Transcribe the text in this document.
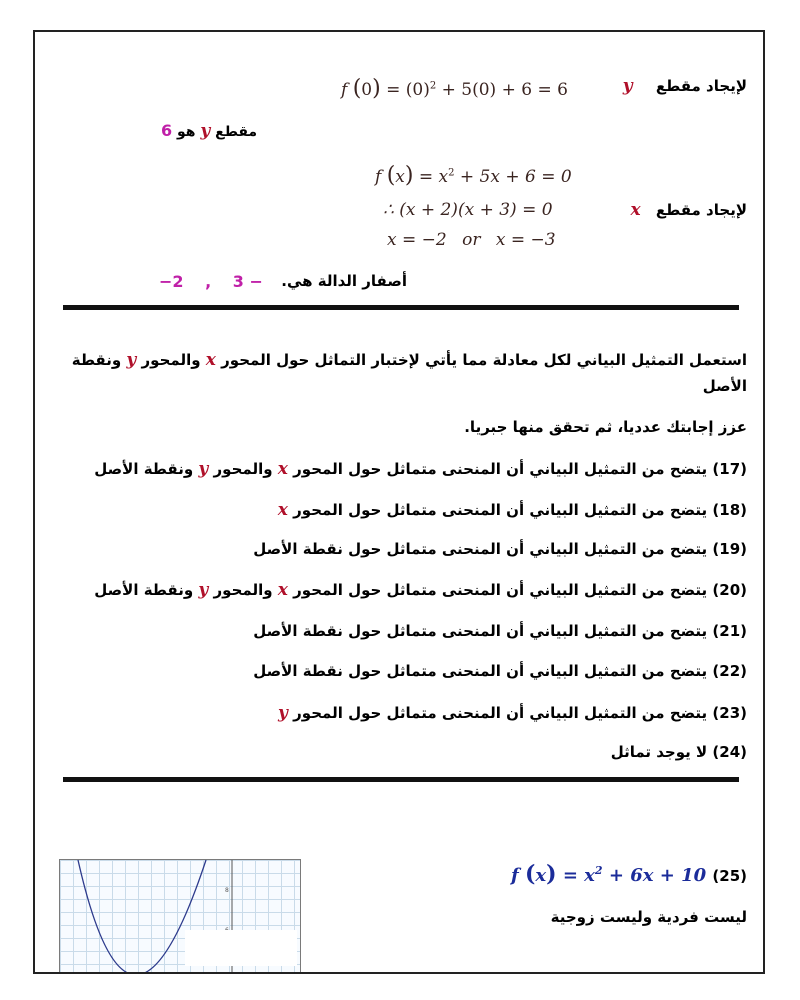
لإيجاد مقطع y
f $(0) = (0)^2 + 5(0) + 6 = 6$
مقطع y هو 6
f $(x) = x^2 + 5x + 6 = 0$
لإيجاد مقطع x
∴ (x + 2)(x + 3) = 0
x = −2 or x = −3
أصفار الدالة هي.
−2 , 3 −
استعمل التمثيل البياني لكل معادلة مما يأتي لإختبار التماثل حول المحور x والمحور y ونقطة
الأصل
عزز إجابتك عدديا، ثم تحقق منها جبريا.
(17) يتضح من التمثيل البياني أن المنحنى متماثل حول المحور x والمحور y ونقطة الأصل
(18) يتضح من التمثيل البياني أن المنحنى متماثل حول المحور x
(19) يتضح من التمثيل البياني أن المنحنى متماثل حول نقطة الأصل
(20) يتضح من التمثيل البياني أن المنحنى متماثل حول المحور x والمحور y ونقطة الأصل
(21) يتضح من التمثيل البياني أن المنحنى متماثل حول نقطة الأصل
(22) يتضح من التمثيل البياني أن المنحنى متماثل حول نقطة الأصل
(23) يتضح من التمثيل البياني أن المنحنى متماثل حول المحور y
(24) لا يوجد تماثل
f $(x) = x^2 + 6x + 10$ (25)
ليست فردية وليست زوجية
8
